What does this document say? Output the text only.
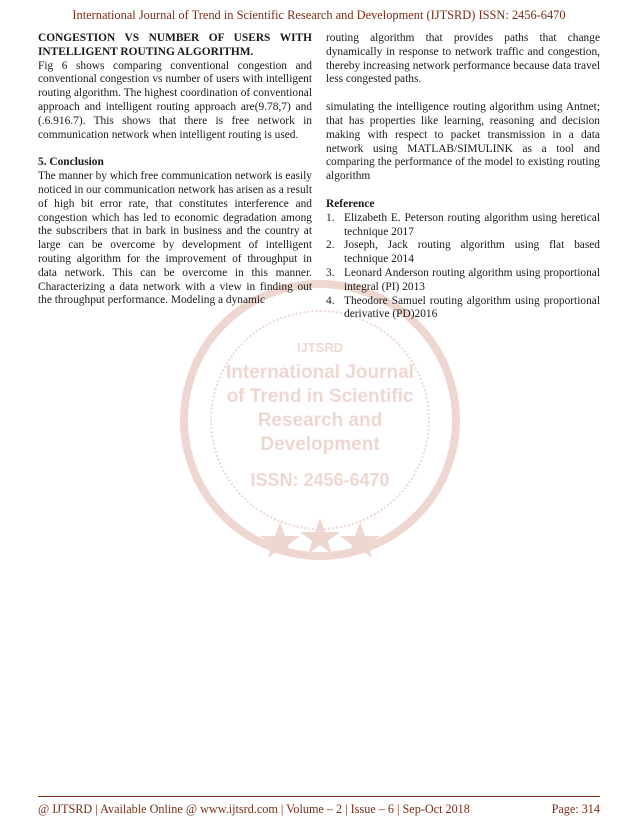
International Journal of Trend in Scientific Research and Development (IJTSRD) ISSN: 2456-6470
IJTSRD
International Journal
of Trend in Scientific
Research and
Development
ISSN: 2456-6470

CONGESTION VS NUMBER OF USERS WITH INTELLIGENT ROUTING ALGORITHM.

Fig 6 shows comparing conventional congestion and conventional congestion vs number of users with intelligent routing algorithm. The highest coordination of conventional approach and intelligent routing approach are(9.78,7) and (.6.916.7). This shows that there is free network in communication network when intelligent routing is used.

5. Conclusion

The manner by which free communication network is easily noticed in our communication network has arisen as a result of high bit error rate, that constitutes interference and congestion which has led to economic degradation among the subscribers that in bark in business and the country at large can be overcome by development of intelligent routing algorithm for the improvement of throughput in data network. This can be overcome in this manner. Characterizing a data network with a view in finding out the throughput performance. Modeling a dynamic

routing algorithm that provides paths that change dynamically in response to network traffic and congestion, thereby increasing network performance because data travel less congested paths.

simulating the intelligence routing algorithm using Antnet; that has properties like learning, reasoning and decision making with respect to packet transmission in a data network using MATLAB/SIMULINK as a tool and comparing the performance of the model to existing routing algorithm

Reference

1. Elizabeth E. Peterson routing algorithm using heretical technique 2017
2. Joseph, Jack routing algorithm using flat based technique 2014
3. Leonard Anderson routing algorithm using proportional integral (PI) 2013
4. Theodore Samuel routing algorithm using proportional derivative (PD)2016
@ IJTSRD | Available Online @ www.ijtsrd.com | Volume – 2 | Issue – 6 | Sep-Oct 2018	Page: 314
